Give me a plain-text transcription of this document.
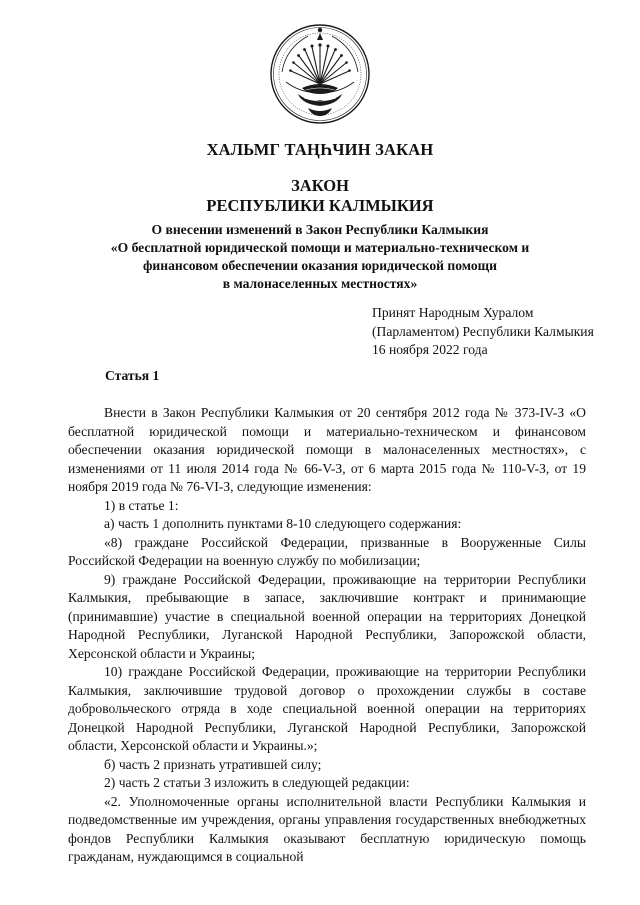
ХАЛЬМГ ТАҢҺЧИН ЗАКАН
ЗАКОН
РЕСПУБЛИКИ КАЛМЫКИЯ
О внесении изменений в Закон Республики Калмыкия
«О бесплатной юридической помощи и материально-техническом и
финансовом обеспечении оказания юридической помощи
в малонаселенных местностях»
Принят Народным Хуралом
(Парламентом) Республики Калмыкия
16 ноября 2022 года
Статья 1

Внести в Закон Республики Калмыкия от 20 сентября 2012 года № 373-IV-З «О бесплатной юридической помощи и материально-техническом и финансовом обеспечении оказания юридической помощи в малонаселенных местностях», с изменениями от 11 июля 2014 года № 66-V-З, от 6 марта 2015 года № 110-V-З, от 19 ноября 2019 года № 76-VI-З, следующие изменения:

1) в статье 1:

а) часть 1 дополнить пунктами 8-10 следующего содержания:

«8) граждане Российской Федерации, призванные в Вооруженные Силы Российской Федерации на военную службу по мобилизации;

9) граждане Российской Федерации, проживающие на территории Республики Калмыкия, пребывающие в запасе, заключившие контракт и принимающие (принимавшие) участие в специальной военной операции на территориях Донецкой Народной Республики, Луганской Народной Республики, Запорожской области, Херсонской области и Украины;

10) граждане Российской Федерации, проживающие на территории Республики Калмыкия, заключившие трудовой договор о прохождении службы в составе добровольческого отряда в ходе специальной военной операции на территориях Донецкой Народной Республики, Луганской Народной Республики, Запорожской области, Херсонской области и Украины.»;

б) часть 2 признать утратившей силу;

2) часть 2 статьи 3 изложить в следующей редакции:

«2. Уполномоченные органы исполнительной власти Республики Калмыкия и подведомственные им учреждения, органы управления государственных внебюджетных фондов Республики Калмыкия оказывают бесплатную юридическую помощь гражданам, нуждающимся в социальной
